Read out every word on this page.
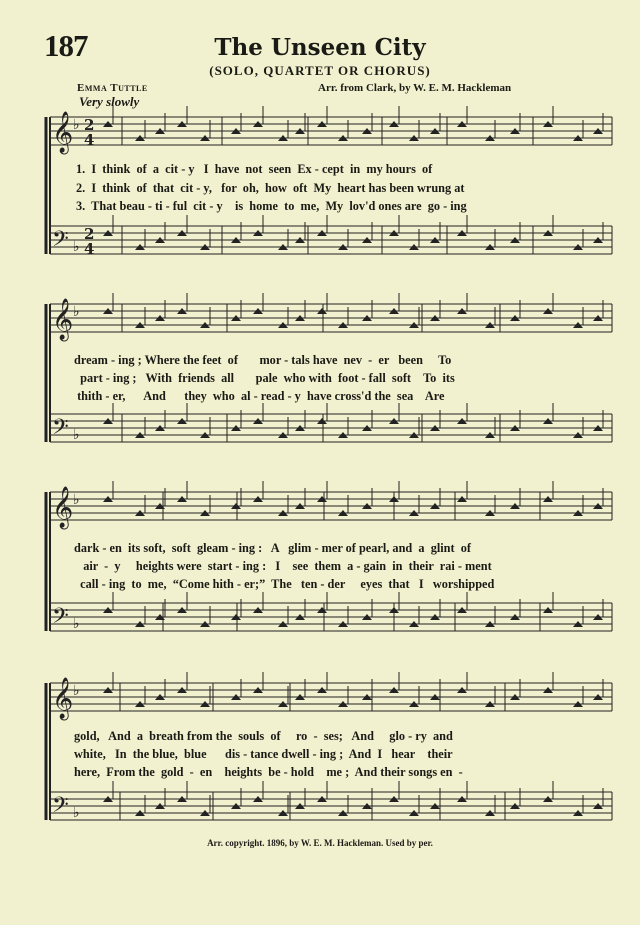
𝄞
𝄢
𝄞
𝄢
𝄞
𝄢
𝄞
𝄢
♭
♭
♭
♭
♭
♭
♭
♭
2
4
2
4
187	The Unseen City
(SOLO, QUARTET OR CHORUS)
Emma Tuttle	Arr. from Clark, by W. E. M. Hackleman
Very slowly
1.  I  think  of  a  cit - y   I  have  not  seen  Ex - cept  in  my hours  of
2.  I  think  of  that  cit - y,   for  oh,  how  oft  My  heart has been wrung at
3.  That beau - ti - ful  cit - y    is  home  to  me,  My  lov'd ones are  go - ing
dream - ing ; Where the feet  of       mor - tals have  nev  -  er   been     To
part - ing ;   With  friends  all       pale  who with  foot - fall  soft    To  its
thith - er,      And      they  who  al - read - y  have cross'd the  sea    Are
dark - en  its soft,  soft  gleam - ing :   A   glim - mer of pearl, and  a  glint  of
air  -  y     heights were  start - ing :   I    see  them  a - gain  in  their  rai - ment
call - ing  to  me,  “Come hith - er;”  The   ten - der     eyes  that   I   worshipped
gold,   And  a  breath from the  souls  of     ro  -  ses;   And     glo - ry  and
white,   In  the blue,  blue      dis - tance dwell - ing ;  And  I   hear    their
here,  From the  gold  -  en    heights  be - hold    me ;  And their songs en  -
Arr. copyright. 1896, by W. E. M. Hackleman. Used by per.
